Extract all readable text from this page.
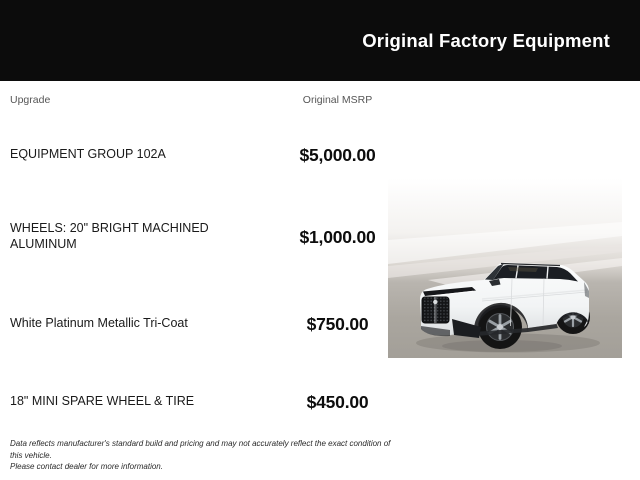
Original Factory Equipment
Upgrade	Original MSRP
EQUIPMENT GROUP 102A	$5,000.00
WHEELS: 20" BRIGHT MACHINED ALUMINUM	$1,000.00
White Platinum Metallic Tri-Coat	$750.00
18" MINI SPARE WHEEL & TIRE	$450.00
Data reflects manufacturer's standard build and pricing and may not accurately reflect the exact condition of this vehicle.
Please contact dealer for more information.
